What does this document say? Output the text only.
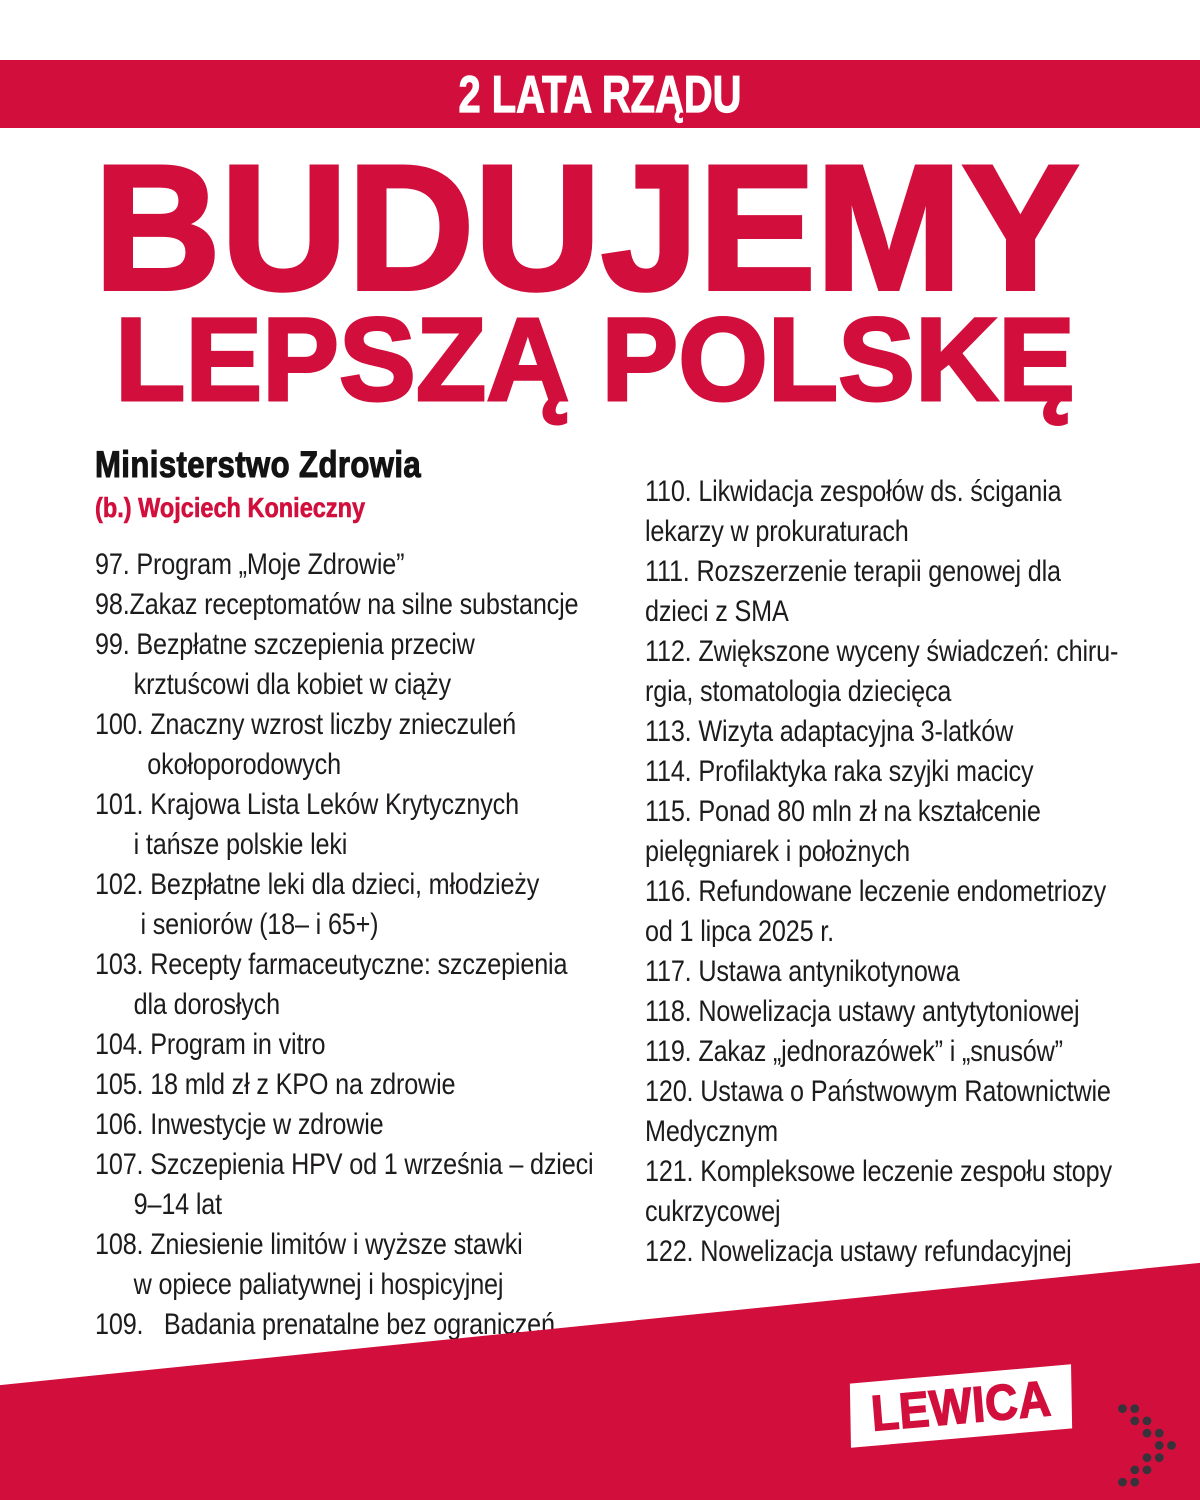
2 LATA RZĄDU
BUDUJEMY
LEPSZĄ POLSKĘ
Ministerstwo Zdrowia
(b.) Wojciech Konieczny
97. Program „Moje Zdrowie”
98.Zakaz receptomatów na silne substancje
99. Bezpłatne szczepienia przeciw
krztuścowi dla kobiet w ciąży
100. Znaczny wzrost liczby znieczuleń
okołoporodowych
101. Krajowa Lista Leków Krytycznych
i tańsze polskie leki
102. Bezpłatne leki dla dzieci, młodzieży
i seniorów (18– i 65+)
103. Recepty farmaceutyczne: szczepienia
dla dorosłych
104. Program in vitro
105. 18 mld zł z KPO na zdrowie
106. Inwestycje w zdrowie
107. Szczepienia HPV od 1 września – dzieci
9–14 lat
108. Zniesienie limitów i wyższe stawki
w opiece paliatywnej i hospicyjnej
109.   Badania prenatalne bez ograniczeń
110. Likwidacja zespołów ds. ścigania
lekarzy w prokuraturach
111. Rozszerzenie terapii genowej dla
dzieci z SMA
112. Zwiększone wyceny świadczeń: chiru-
rgia, stomatologia dziecięca
113. Wizyta adaptacyjna 3-latków
114. Profilaktyka raka szyjki macicy
115. Ponad 80 mln zł na kształcenie
pielęgniarek i położnych
116. Refundowane leczenie endometriozy
od 1 lipca 2025 r.
117. Ustawa antynikotynowa
118. Nowelizacja ustawy antytytoniowej
119. Zakaz „jednorazówek” i „snusów”
120. Ustawa o Państwowym Ratownictwie
Medycznym
121. Kompleksowe leczenie zespołu stopy
cukrzycowej
122. Nowelizacja ustawy refundacyjnej
LEWICA
